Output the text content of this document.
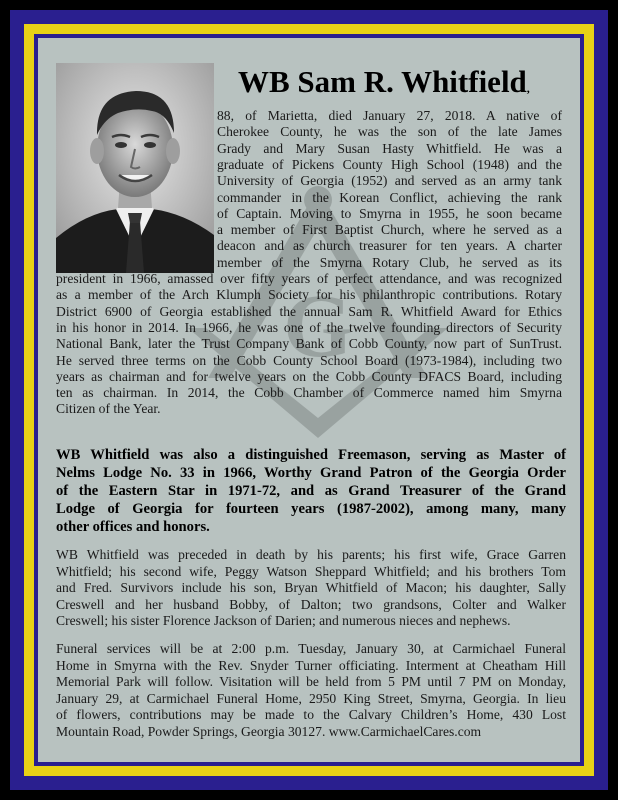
G
WB Sam R. Whitfield,
88, of Marietta, died January 27, 2018. A native of
Cherokee County, he was the son of the late James
Grady and Mary Susan Hasty Whitfield. He was a
graduate of Pickens County High School (1948) and the
University of Georgia (1952) and served as an army tank
commander in the Korean Conflict, achieving the rank
of Captain. Moving to Smyrna in 1955, he soon became
a member of First Baptist Church, where he served as a
deacon and as church treasurer for ten years. A charter
member of the Smyrna Rotary Club, he served as its
president in 1966, amassed over fifty years of perfect attendance, and was recognized
as a member of the Arch Klumph Society for his philanthropic contributions. Rotary
District 6900 of Georgia established the annual Sam R. Whitfield Award for Ethics
in his honor in 2014. In 1966, he was one of the twelve founding directors of Security
National Bank, later the Trust Company Bank of Cobb County, now part of SunTrust.
He served three terms on the Cobb County School Board (1973-1984), including two
years as chairman and for twelve years on the Cobb County DFACS Board, including
ten as chairman. In 2014, the Cobb Chamber of Commerce named him Smyrna
Citizen of the Year.
WB Whitfield was also a distinguished Freemason, serving as Master of
Nelms Lodge No. 33 in 1966, Worthy Grand Patron of the Georgia Order
of the Eastern Star in 1971-72, and as Grand Treasurer of the Grand
Lodge of Georgia for fourteen years (1987-2002), among many, many
other offices and honors.
WB Whitfield was preceded in death by his parents; his first wife, Grace Garren
Whitfield; his second wife, Peggy Watson Sheppard Whitfield; and his brothers Tom
and Fred. Survivors include his son, Bryan Whitfield of Macon; his daughter, Sally
Creswell and her husband Bobby, of Dalton; two grandsons, Colter and Walker
Creswell; his sister Florence Jackson of Darien; and numerous nieces and nephews.
Funeral services will be at 2:00 p.m. Tuesday, January 30, at Carmichael Funeral
Home in Smyrna with the Rev. Snyder Turner officiating. Interment at Cheatham Hill
Memorial Park will follow. Visitation will be held from 5 PM until 7 PM on Monday,
January 29, at Carmichael Funeral Home, 2950 King Street, Smyrna, Georgia. In lieu
of flowers, contributions may be made to the Calvary Children’s Home, 430 Lost
Mountain Road, Powder Springs, Georgia 30127. www.CarmichaelCares.com
